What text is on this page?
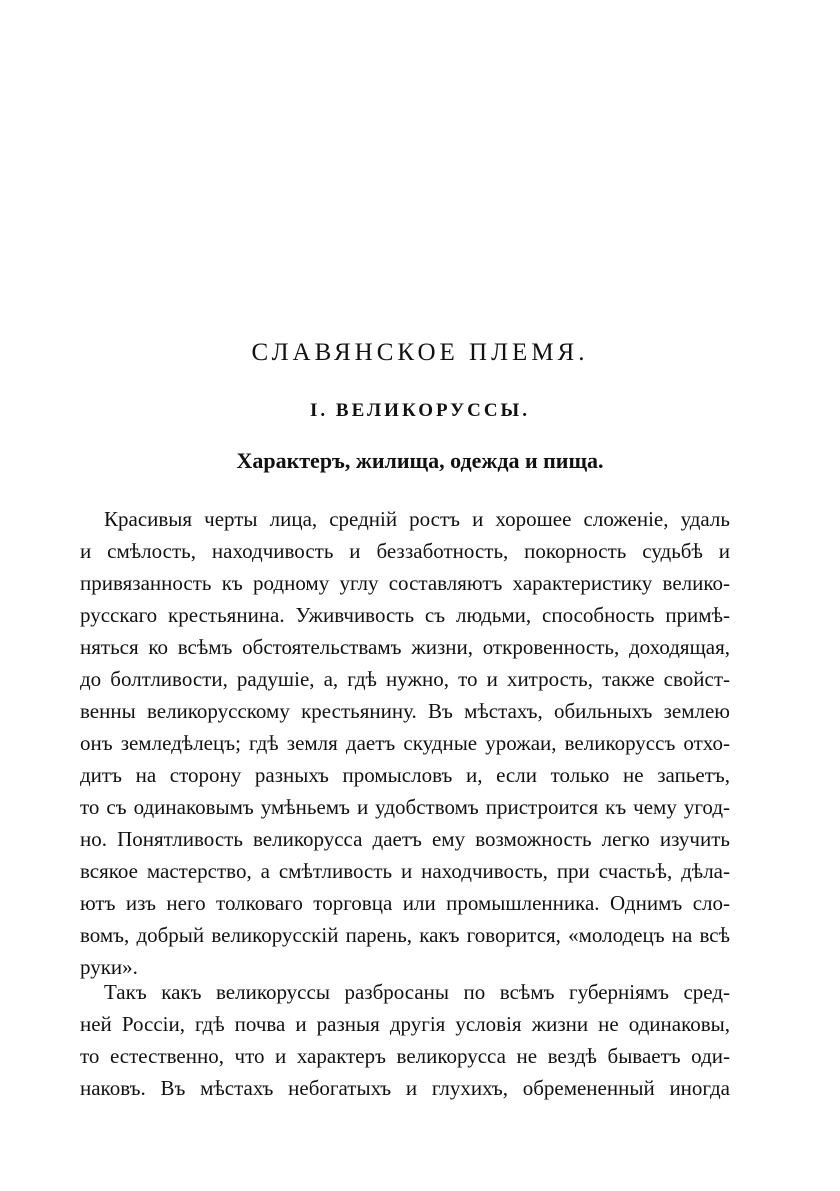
СЛАВЯНСКОЕ ПЛЕМЯ.
I. ВЕЛИКОРУССЫ.
Характеръ, жилища, одежда и пища.
Красивыя черты лица, средній ростъ и хорошее сложеніе, удаль
и смѣлость, находчивость и беззаботность, покорность судьбѣ и
привязанность къ родному углу составляютъ характеристику велико-
русскаго крестьянина. Уживчивость съ людьми, способность примѣ-
няться ко всѣмъ обстоятельствамъ жизни, откровенность, доходящая,
до болтливости, радушіе, а, гдѣ нужно, то и хитрость, также свойст-
венны великорусскому крестьянину. Въ мѣстахъ, обильныхъ землею
онъ земледѣлецъ; гдѣ земля даетъ скудные урожаи, великоруссъ отхо-
дитъ на сторону разныхъ промысловъ и, если только не запьетъ,
то съ одинаковымъ умѣньемъ и удобствомъ пристроится къ чему угод-
но. Понятливость великорусса даетъ ему возможность легко изучить
всякое мастерство, а смѣтливость и находчивость, при счастьѣ, дѣла-
ютъ изъ него толковаго торговца или промышленника. Однимъ сло-
вомъ, добрый великорусскій парень, какъ говорится, «молодецъ на всѣ
руки».
Такъ какъ великоруссы разбросаны по всѣмъ губерніямъ сред-
ней Россіи, гдѣ почва и разныя другія условія жизни не одинаковы,
то естественно, что и характеръ великорусса не вездѣ бываетъ оди-
наковъ. Въ мѣстахъ небогатыхъ и глухихъ, обремененный иногда
